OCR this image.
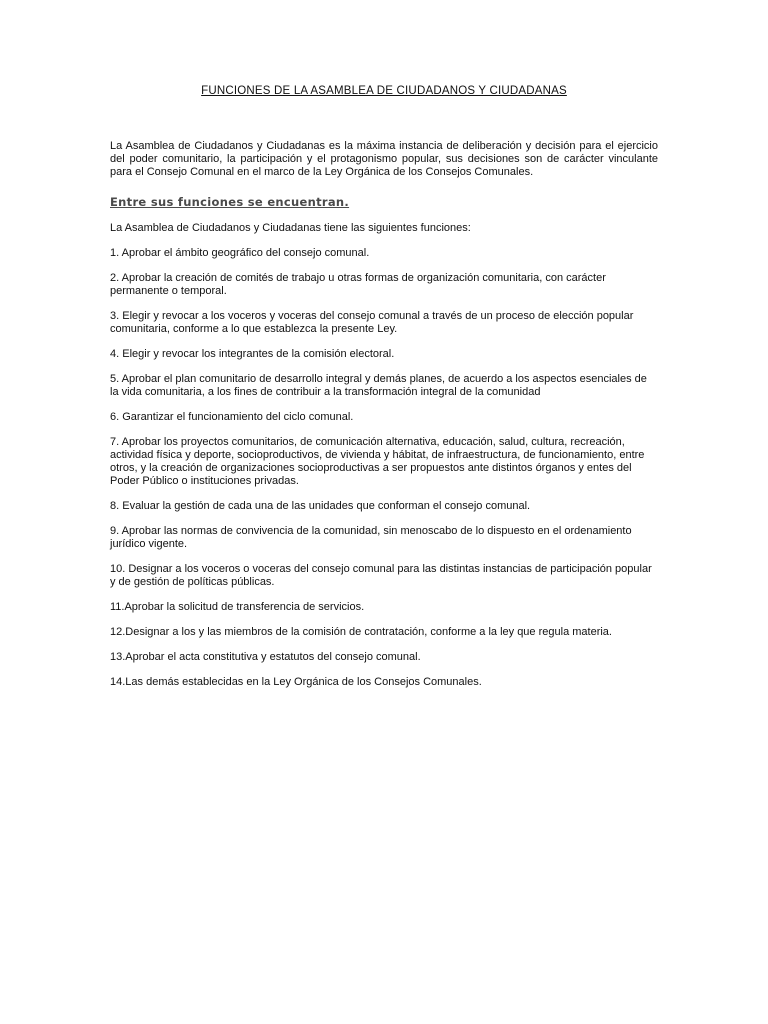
FUNCIONES DE LA ASAMBLEA DE CIUDADANOS Y CIUDADANAS

La Asamblea de Ciudadanos y Ciudadanas es la máxima instancia de deliberación y decisión para el ejercicio del poder comunitario, la participación y el protagonismo popular, sus decisiones son de carácter vinculante para el Consejo Comunal en el marco de la Ley Orgánica de los Consejos Comunales.

Entre sus funciones se encuentran.

La Asamblea de Ciudadanos y Ciudadanas tiene las siguientes funciones:

1. Aprobar el ámbito geográfico del consejo comunal.
2. Aprobar la creación de comités de trabajo u otras formas de organización comunitaria, con carácter permanente o temporal.
3. Elegir y revocar a los voceros y voceras del consejo comunal a través de un proceso de elección popular comunitaria, conforme a lo que establezca la presente Ley.
4. Elegir y revocar los integrantes de la comisión electoral.
5. Aprobar el plan comunitario de desarrollo integral y demás planes, de acuerdo a los aspectos esenciales de la vida comunitaria, a los fines de contribuir a la transformación integral de la comunidad
6. Garantizar el funcionamiento del ciclo comunal.
7. Aprobar los proyectos comunitarios, de comunicación alternativa, educación, salud, cultura, recreación, actividad física y deporte, socioproductivos, de vivienda y hábitat, de infraestructura, de funcionamiento, entre otros, y la creación de organizaciones socioproductivas a ser propuestos ante distintos órganos y entes del Poder Público o instituciones privadas.
8. Evaluar la gestión de cada una de las unidades que conforman el consejo comunal.
9. Aprobar las normas de convivencia de la comunidad, sin menoscabo de lo dispuesto en el ordenamiento jurídico vigente.
10. Designar a los voceros o voceras del consejo comunal para las distintas instancias de participación popular y de gestión de políticas públicas.
11.Aprobar la solicitud de transferencia de servicios.
12.Designar a los y las miembros de la comisión de contratación, conforme a la ley que regula materia.
13.Aprobar el acta constitutiva y estatutos del consejo comunal.
14.Las demás establecidas en la Ley Orgánica de los Consejos Comunales.
